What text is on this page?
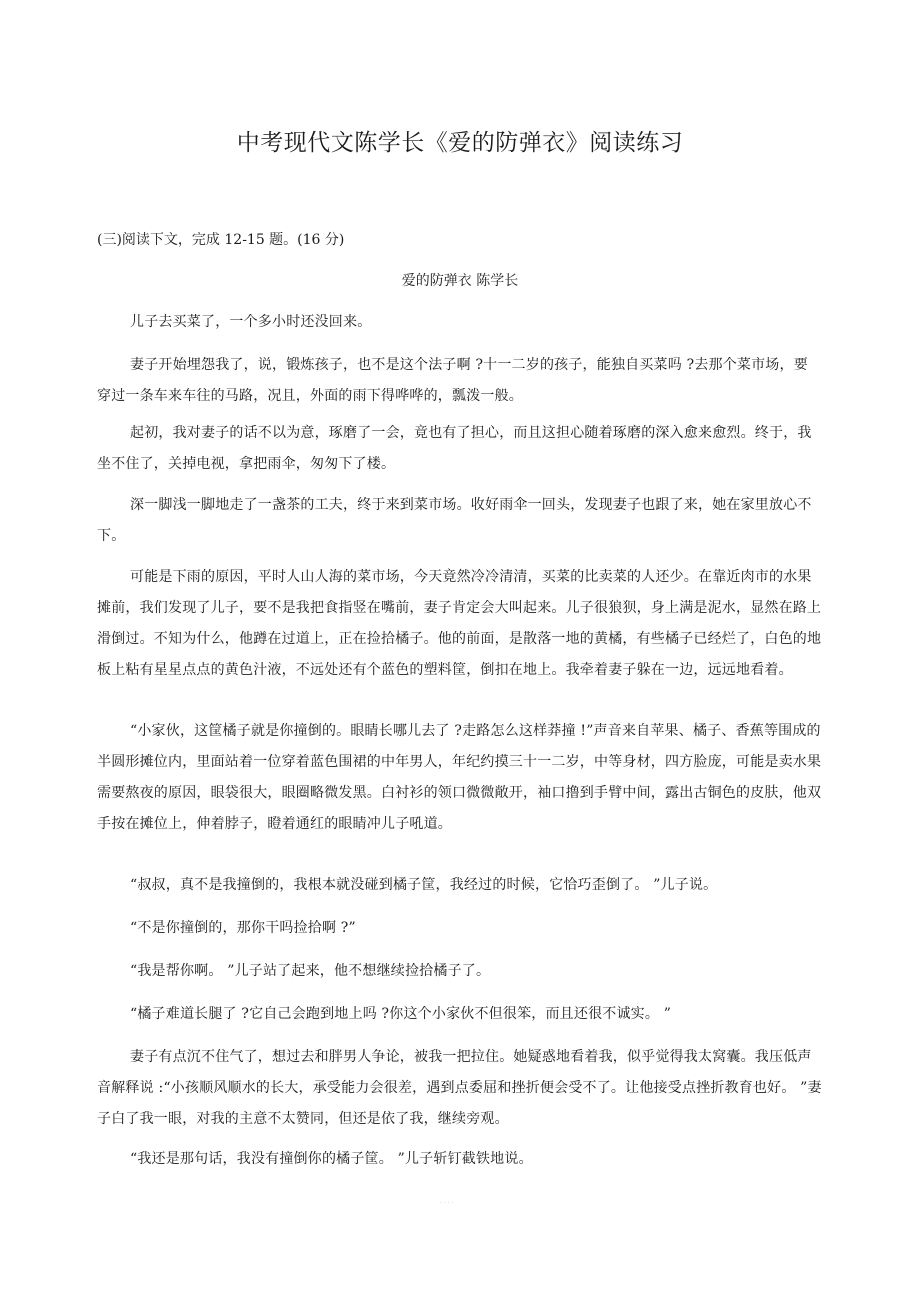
中考现代文陈学长《爱的防弹衣》阅读练习
(三)阅读下文，完成 12-15 题。(16 分)
爱的防弹衣 陈学长

儿子去买菜了，一个多小时还没回来。

妻子开始埋怨我了，说，锻炼孩子，也不是这个法子啊 ?十一二岁的孩子，能独自买菜吗 ?去那个菜市场，要穿过一条车来车往的马路，况且，外面的雨下得哗哗的，瓢泼一般。

起初，我对妻子的话不以为意，琢磨了一会，竟也有了担心，而且这担心随着琢磨的深入愈来愈烈。终于，我坐不住了，关掉电视，拿把雨伞，匆匆下了楼。

深一脚浅一脚地走了一盏茶的工夫，终于来到菜市场。收好雨伞一回头，发现妻子也跟了来，她在家里放心不下。

可能是下雨的原因，平时人山人海的菜市场，今天竟然冷冷清清，买菜的比卖菜的人还少。在靠近肉市的水果摊前，我们发现了儿子，要不是我把食指竖在嘴前，妻子肯定会大叫起来。儿子很狼狈，身上满是泥水，显然在路上滑倒过。不知为什么，他蹲在过道上，正在捡拾橘子。他的前面，是散落一地的黄橘，有些橘子已经烂了，白色的地板上粘有星星点点的黄色汁液，不远处还有个蓝色的塑料筐，倒扣在地上。我牵着妻子躲在一边，远远地看着。

“小家伙，这筐橘子就是你撞倒的。眼睛长哪儿去了 ?走路怎么这样莽撞 !”声音来自苹果、橘子、香蕉等围成的半圆形摊位内，里面站着一位穿着蓝色围裙的中年男人，年纪约摸三十一二岁，中等身材，四方脸庞，可能是卖水果需要熬夜的原因，眼袋很大，眼圈略微发黑。白衬衫的领口微微敞开，袖口撸到手臂中间，露出古铜色的皮肤，他双手按在摊位上，伸着脖子，瞪着通红的眼睛冲儿子吼道。

“叔叔，真不是我撞倒的，我根本就没碰到橘子筐，我经过的时候，它恰巧歪倒了。 ”儿子说。

“不是你撞倒的，那你干吗捡拾啊 ?”

“我是帮你啊。 ”儿子站了起来，他不想继续捡拾橘子了。

“橘子难道长腿了 ?它自己会跑到地上吗 ?你这个小家伙不但很笨，而且还很不诚实。 ”

妻子有点沉不住气了，想过去和胖男人争论，被我一把拉住。她疑惑地看着我，似乎觉得我太窝囊。我压低声音解释说 :“小孩顺风顺水的长大，承受能力会很差，遇到点委屈和挫折便会受不了。让他接受点挫折教育也好。 ”妻子白了我一眼，对我的主意不太赞同，但还是依了我，继续旁观。

“我还是那句话，我没有撞倒你的橘子筐。 ”儿子斩钉截铁地说。

· · · ·
